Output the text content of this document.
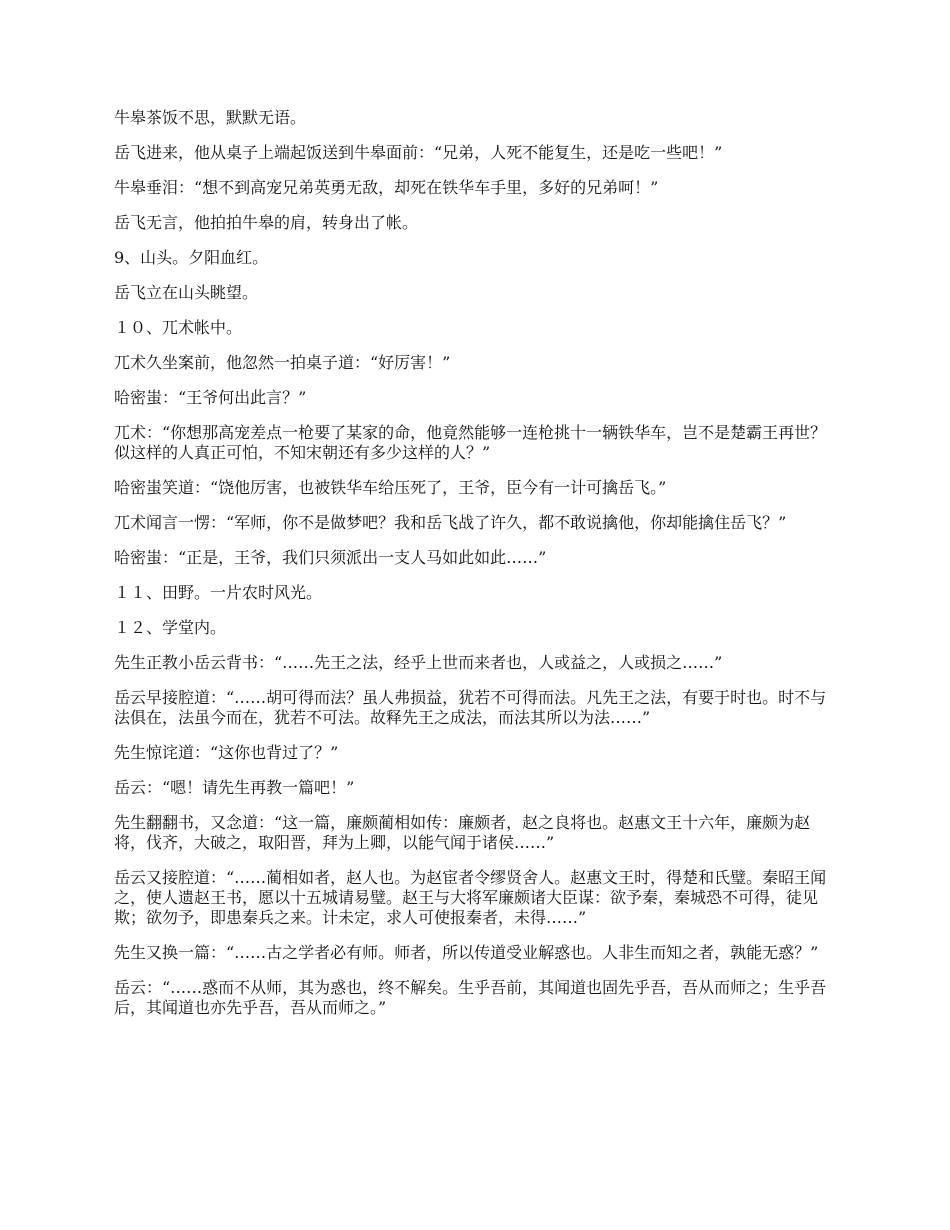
牛皋茶饭不思，默默无语。

岳飞进来，他从桌子上端起饭送到牛皋面前：“兄弟，人死不能复生，还是吃一些吧！”

牛皋垂泪：“想不到高宠兄弟英勇无敌，却死在铁华车手里，多好的兄弟呵！”

岳飞无言，他拍拍牛皋的肩，转身出了帐。

9、山头。夕阳血红。

岳飞立在山头眺望。

１０、兀术帐中。

兀术久坐案前，他忽然一拍桌子道：“好厉害！”

哈密蚩：“王爷何出此言？”

兀术：“你想那高宠差点一枪要了某家的命，他竟然能够一连枪挑十一辆铁华车，岂不是楚霸王再世？似这样的人真正可怕，不知宋朝还有多少这样的人？”

哈密蚩笑道：“饶他厉害，也被铁华车给压死了，王爷，臣今有一计可擒岳飞。”

兀术闻言一愣：“军师，你不是做梦吧？我和岳飞战了许久，都不敢说擒他，你却能擒住岳飞？”

哈密蚩：“正是，王爷，我们只须派出一支人马如此如此……”

１１、田野。一片农时风光。

１２、学堂内。

先生正教小岳云背书：“……先王之法，经乎上世而来者也，人或益之，人或损之……”

岳云早接腔道：“……胡可得而法？虽人弗损益，犹若不可得而法。凡先王之法，有要于时也。时不与法俱在，法虽今而在，犹若不可法。故释先王之成法，而法其所以为法……”

先生惊诧道：“这你也背过了？”

岳云：“嗯！请先生再教一篇吧！”

先生翻翻书，又念道：“这一篇，廉颇蔺相如传：廉颇者，赵之良将也。赵惠文王十六年，廉颇为赵将，伐齐，大破之，取阳晋，拜为上卿，以能气闻于诸侯……”

岳云又接腔道：“……蔺相如者，赵人也。为赵宦者令缪贤舍人。赵惠文王时，得楚和氏璧。秦昭王闻之，使人遗赵王书，愿以十五城请易璧。赵王与大将军廉颇诸大臣谋：欲予秦，秦城恐不可得，徒见欺；欲勿予，即患秦兵之来。计未定，求人可使报秦者，未得……”

先生又换一篇：“……古之学者必有师。师者，所以传道受业解惑也。人非生而知之者，孰能无惑？”

岳云：“……惑而不从师，其为惑也，终不解矣。生乎吾前，其闻道也固先乎吾，吾从而师之；生乎吾后，其闻道也亦先乎吾，吾从而师之。”
